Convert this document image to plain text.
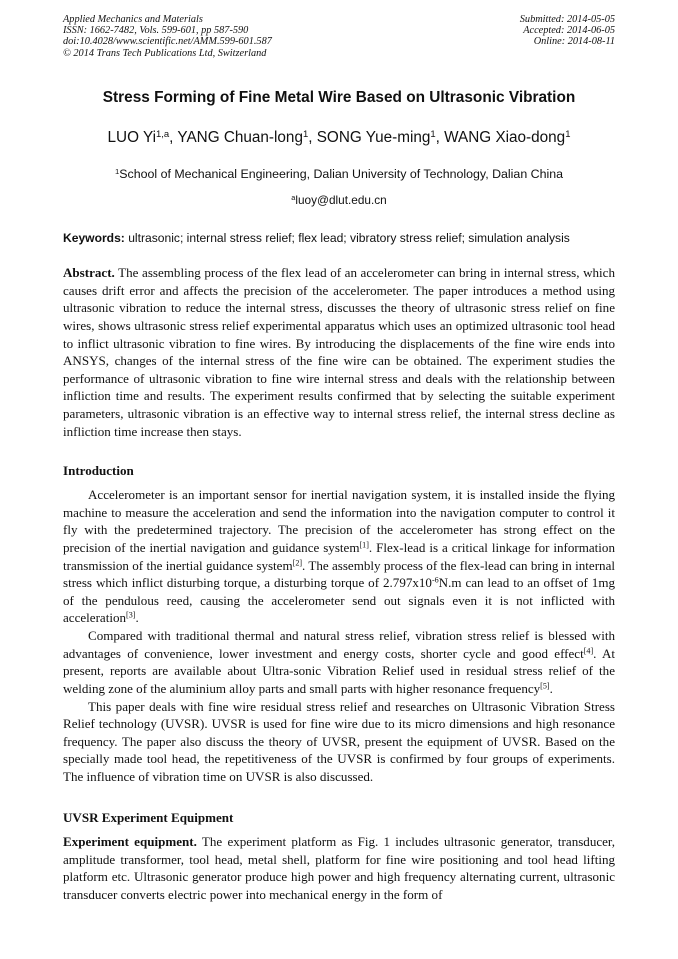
Applied Mechanics and Materials
ISSN: 1662-7482, Vols. 599-601, pp 587-590
doi:10.4028/www.scientific.net/AMM.599-601.587
© 2014 Trans Tech Publications Ltd, Switzerland
Submitted: 2014-05-05
Accepted: 2014-06-05
Online: 2014-08-11
Stress Forming of Fine Metal Wire Based on Ultrasonic Vibration
LUO Yi$^{1,a}$, YANG Chuan-long$^1$, SONG Yue-ming$^1$, WANG Xiao-dong$^1$
$^1$School of Mechanical Engineering, Dalian University of Technology, Dalian China
$^a$luoy@dlut.edu.cn
Keywords: ultrasonic; internal stress relief; flex lead; vibratory stress relief; simulation analysis

Abstract. The assembling process of the flex lead of an accelerometer can bring in internal stress, which causes drift error and affects the precision of the accelerometer. The paper introduces a method using ultrasonic vibration to reduce the internal stress, discusses the theory of ultrasonic stress relief on fine wires, shows ultrasonic stress relief experimental apparatus which uses an optimized ultrasonic tool head to inflict ultrasonic vibration to fine wires. By introducing the displacements of the fine wire ends into ANSYS, changes of the internal stress of the fine wire can be obtained. The experiment studies the performance of ultrasonic vibration to fine wire internal stress and deals with the relationship between infliction time and results. The experiment results confirmed that by selecting the suitable experiment parameters, ultrasonic vibration is an effective way to internal stress relief, the internal stress decline as infliction time increase then stays.

Introduction

Accelerometer is an important sensor for inertial navigation system, it is installed inside the flying machine to measure the acceleration and send the information into the navigation computer to control it fly with the predetermined trajectory. The precision of the accelerometer has strong effect on the precision of the inertial navigation and guidance system[1]. Flex-lead is a critical linkage for information transmission of the inertial guidance system[2]. The assembly process of the flex-lead can bring in internal stress which inflict disturbing torque, a disturbing torque of $2.797x10^{-6}N.m$ can lead to an offset of 1mg of the pendulous reed, causing the accelerometer send out signals even it is not inflicted with acceleration[3].

Compared with traditional thermal and natural stress relief, vibration stress relief is blessed with advantages of convenience, lower investment and energy costs, shorter cycle and good effect[4]. At present, reports are available about Ultra-sonic Vibration Relief used in residual stress relief of the welding zone of the aluminium alloy parts and small parts with higher resonance frequency[5].

This paper deals with fine wire residual stress relief and researches on Ultrasonic Vibration Stress Relief technology (UVSR). UVSR is used for fine wire due to its micro dimensions and high resonance frequency. The paper also discuss the theory of UVSR, present the equipment of UVSR. Based on the specially made tool head, the repetitiveness of the UVSR is confirmed by four groups of experiments. The influence of vibration time on UVSR is also discussed.

UVSR Experiment Equipment

Experiment equipment. The experiment platform as Fig. 1 includes ultrasonic generator, transducer, amplitude transformer, tool head, metal shell, platform for fine wire positioning and tool head lifting platform etc. Ultrasonic generator produce high power and high frequency alternating current, ultrasonic transducer converts electric power into mechanical energy in the form of
